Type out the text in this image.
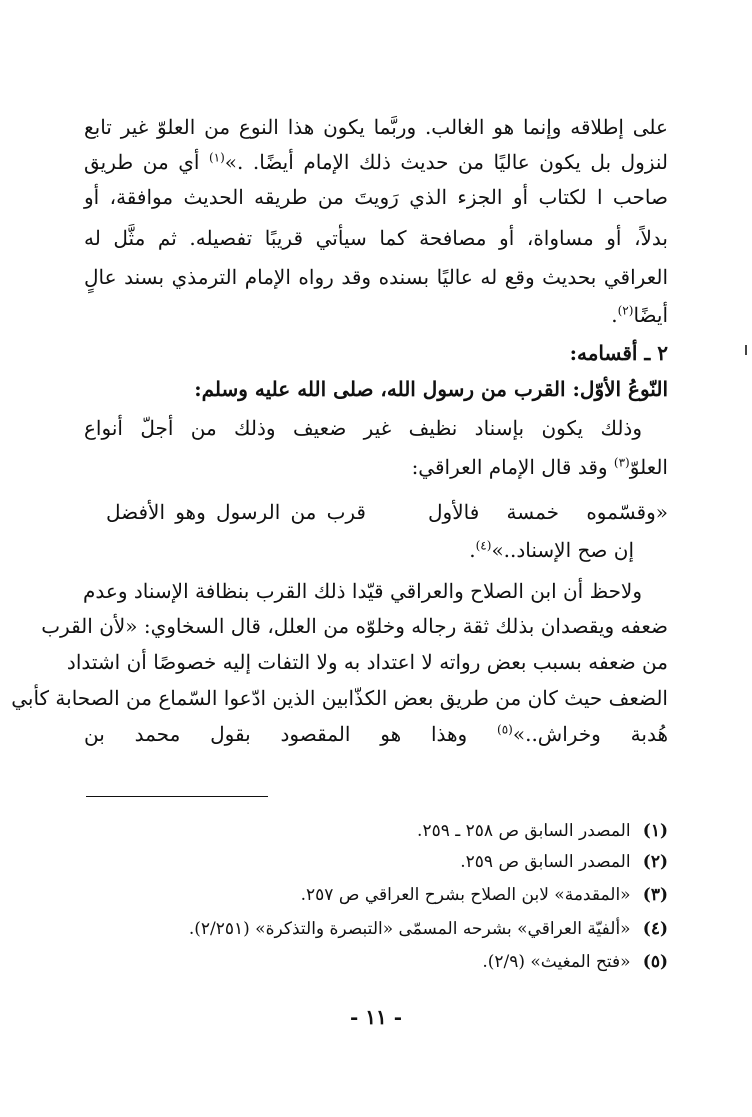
على إطلاقه وإنما هو الغالب. وربَّما يكون هذا النوع من العلوّ غير تابع
لنزول بل يكون عاليًا من حديث ذلك الإمام أيضًا. .»$^{(١)}$ أي من طريق
صاحب ا لكتاب أو الجزء الذي رَويتَ من طريقه الحديث موافقة، أو
بدلاً، أو مساواة، أو مصافحة كما سيأتي قريبًا تفصيله. ثم مثَّل له
العراقي بحديث وقع له عاليًا بسنده وقد رواه الإمام الترمذي بسند عالٍ
أيضًا$^{(٢)}$.
٢ ـ أقسامه:
النّوعُ الأوّل: القرب من رسول الله، صلى الله عليه وسلم:
وذلك يكون بإسناد نظيف غير ضعيف وذلك من أجلّ أنواع
العلوّ$^{(٣)}$ وقد قال الإمام العراقي:
«وقسّموه خمسة فالأول
قرب من الرسول وهو الأفضل
إن صح الإسناد..»$^{(٤)}$.
ولاحظ أن ابن الصلاح والعراقي قيّدا ذلك القرب بنظافة الإسناد وعدم
ضعفه ويقصدان بذلك ثقة رجاله وخلوّه من العلل، قال السخاوي: «لأن القرب
من ضعفه بسبب بعض رواته لا اعتداد به ولا التفات إليه خصوصًا أن اشتداد
الضعف حيث كان من طريق بعض الكذّابين الذين ادّعوا السّماع من الصحابة كأبي
هُدبة وخراش..»$^{(٥)}$ وهذا هو المقصود بقول محمد بن
(١) المصدر السابق ص ٢٥٨ ـ ٢٥٩.
(٢) المصدر السابق ص ٢٥٩.
(٣) «المقدمة» لابن الصلاح بشرح العراقي ص ٢٥٧.
(٤) «ألفيّة العراقي» بشرحه المسمّى «التبصرة والتذكرة» (٢/٢٥١).
(٥) «فتح المغيث» (٢/٩).
- ١١ -
